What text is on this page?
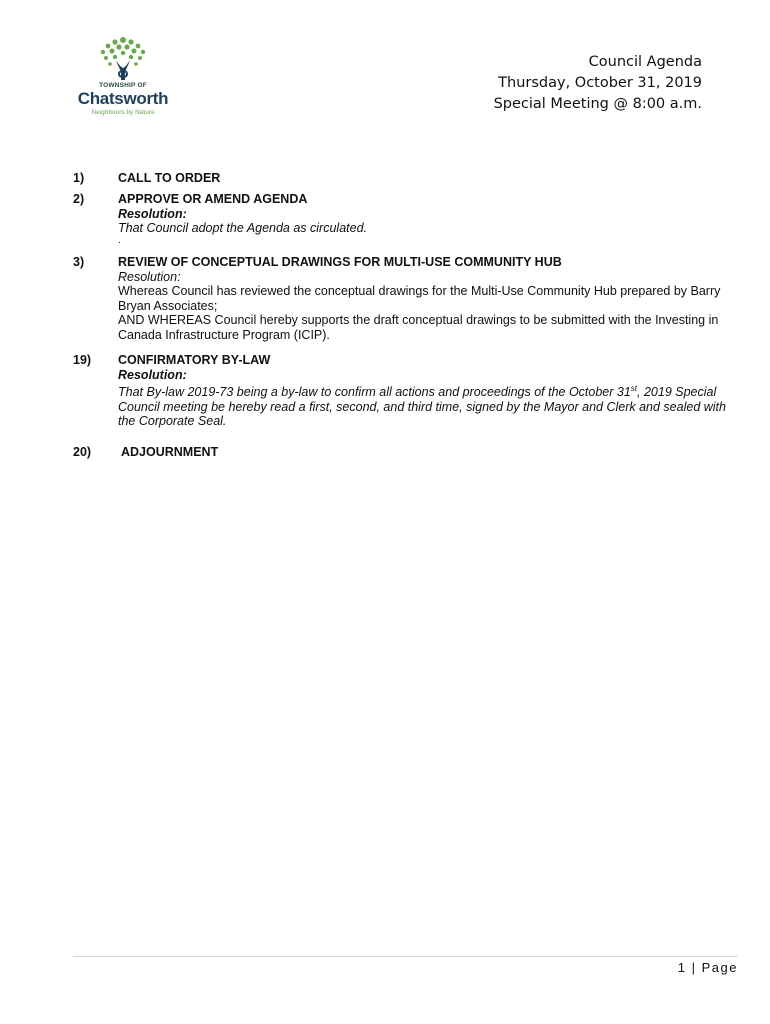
TOWNSHIP OF
Chatsworth
Neighbours by Nature
Council Agenda
Thursday, October 31, 2019
Special Meeting @ 8:00 a.m.
1)	CALL TO ORDER
2)	APPROVE OR AMEND AGENDA
Resolution:
That Council adopt the Agenda as circulated.
.
3)	REVIEW OF CONCEPTUAL DRAWINGS FOR MULTI-USE COMMUNITY HUB
Resolution:
Whereas Council has reviewed the conceptual drawings for the Multi-Use Community Hub prepared by Barry Bryan Associates;
AND WHEREAS Council hereby supports the draft conceptual drawings to be submitted with the Investing in Canada Infrastructure Program (ICIP).
19) CONFIRMATORY BY-LAW
Resolution:
That By-law 2019-73 being a by-law to confirm all actions and proceedings of the October 31st, 2019 Special Council meeting be hereby read a first, second, and third time, signed by the Mayor and Clerk and sealed with the Corporate Seal.
20) ADJOURNMENT
1 | Page
